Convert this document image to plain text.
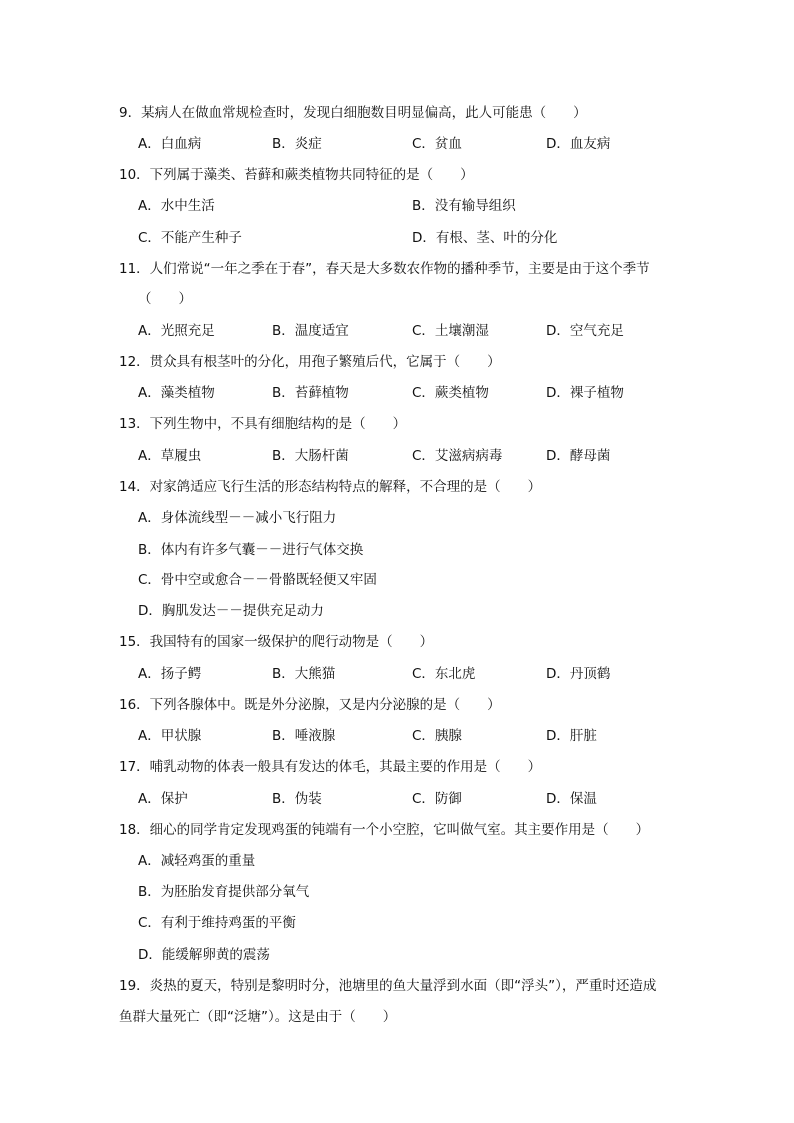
9．某病人在做血常规检查时，发现白细胞数目明显偏高，此人可能患（　　）
A．白血病	B．炎症	C．贫血	D．血友病
10．下列属于藻类、苔藓和蕨类植物共同特征的是（　　）
A．水中生活	B．没有输导组织
C．不能产生种子	D．有根、茎、叶的分化
11．人们常说“一年之季在于春”，春天是大多数农作物的播种季节，主要是由于这个季节
（　　）
A．光照充足	B．温度适宜	C．土壤潮湿	D．空气充足
12．贯众具有根茎叶的分化，用孢子繁殖后代，它属于（　　）
A．藻类植物	B．苔藓植物	C．蕨类植物	D．裸子植物
13．下列生物中，不具有细胞结构的是（　　）
A．草履虫	B．大肠杆菌	C．艾滋病病毒	D．酵母菌
14．对家鸽适应飞行生活的形态结构特点的解释，不合理的是（　　）
A．身体流线型－－减小飞行阻力
B．体内有许多气囊－－进行气体交换
C．骨中空或愈合－－骨骼既轻便又牢固
D．胸肌发达－－提供充足动力
15．我国特有的国家一级保护的爬行动物是（　　）
A．扬子鳄	B．大熊猫	C．东北虎	D．丹顶鹤
16．下列各腺体中。既是外分泌腺，又是内分泌腺的是（　　）
A．甲状腺	B．唾液腺	C．胰腺	D．肝脏
17．哺乳动物的体表一般具有发达的体毛，其最主要的作用是（　　）
A．保护	B．伪装	C．防御	D．保温
18．细心的同学肯定发现鸡蛋的钝端有一个小空腔，它叫做气室。其主要作用是（　　）
A．减轻鸡蛋的重量
B．为胚胎发育提供部分氧气
C．有利于维持鸡蛋的平衡
D．能缓解卵黄的震荡
19．炎热的夏天，特别是黎明时分，池塘里的鱼大量浮到水面（即“浮头”），严重时还造成
鱼群大量死亡（即“泛塘”）。这是由于（　　）
